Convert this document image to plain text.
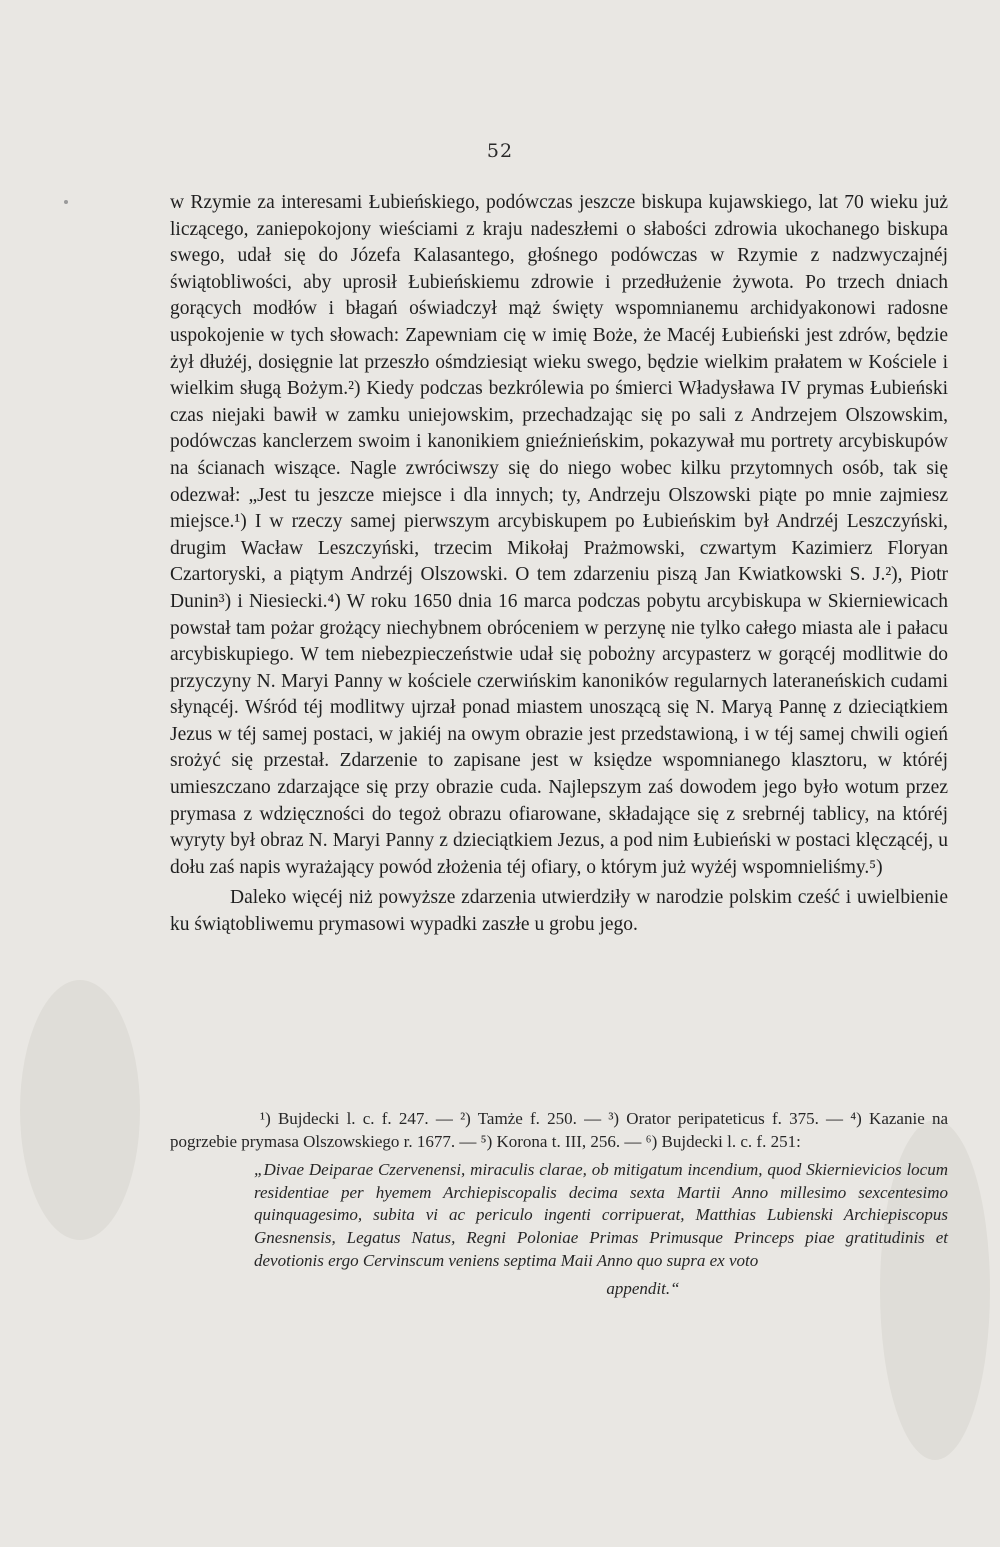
52

w Rzymie za interesami Łubieńskiego, podówczas jeszcze biskupa kujawskiego, lat 70 wieku już liczącego, zaniepokojony wieściami z kraju nadeszłemi o słabości zdrowia ukochanego biskupa swego, udał się do Józefa Kalasantego, głośnego podówczas w Rzymie z nadzwyczajnéj świątobliwości, aby uprosił Łubieńskiemu zdrowie i przedłużenie żywota. Po trzech dniach gorących modłów i błagań oświadczył mąż święty wspomnianemu archidyakonowi radosne uspokojenie w tych słowach: Zapewniam cię w imię Boże, że Macéj Łubieński jest zdrów, będzie żył dłużéj, dosięgnie lat przeszło ośmdziesiąt wieku swego, będzie wielkim prałatem w Kościele i wielkim sługą Bożym.²) Kiedy podczas bezkrólewia po śmierci Władysława IV prymas Łubieński czas niejaki bawił w zamku uniejowskim, przechadzając się po sali z Andrzejem Olszowskim, podówczas kanclerzem swoim i kanonikiem gnieźnieńskim, pokazywał mu portrety arcybiskupów na ścianach wiszące. Nagle zwróciwszy się do niego wobec kilku przytomnych osób, tak się odezwał: „Jest tu jeszcze miejsce i dla innych; ty, Andrzeju Olszowski piąte po mnie zajmiesz miejsce.¹) I w rzeczy samej pierwszym arcybiskupem po Łubieńskim był Andrzéj Leszczyński, drugim Wacław Leszczyński, trzecim Mikołaj Prażmowski, czwartym Kazimierz Floryan Czartoryski, a piątym Andrzéj Olszowski. O tem zdarzeniu piszą Jan Kwiatkowski S. J.²), Piotr Dunin³) i Niesiecki.⁴) W roku 1650 dnia 16 marca podczas pobytu arcybiskupa w Skierniewicach powstał tam pożar grożący niechybnem obróceniem w perzynę nie tylko całego miasta ale i pałacu arcybiskupiego. W tem niebezpieczeństwie udał się pobożny arcypasterz w gorącéj modlitwie do przyczyny N. Maryi Panny w kościele czerwińskim kanoników regularnych lateraneńskich cudami słynącéj. Wśród téj modlitwy ujrzał ponad miastem unoszącą się N. Maryą Pannę z dzieciątkiem Jezus w téj samej postaci, w jakiéj na owym obrazie jest przedstawioną, i w téj samej chwili ogień srożyć się przestał. Zdarzenie to zapisane jest w księdze wspomnianego klasztoru, w któréj umieszczano zdarzające się przy obrazie cuda. Najlepszym zaś dowodem jego było wotum przez prymasa z wdzięczności do tegoż obrazu ofiarowane, składające się z srebrnéj tablicy, na któréj wyryty był obraz N. Maryi Panny z dzieciątkiem Jezus, a pod nim Łubieński w postaci klęczącéj, u dołu zaś napis wyrażający powód złożenia téj ofiary, o którym już wyżéj wspomnieliśmy.⁵)

Daleko więcéj niż powyższe zdarzenia utwierdziły w narodzie polskim cześć i uwielbienie ku świątobliwemu prymasowi wypadki zaszłe u grobu jego.

¹) Bujdecki l. c. f. 247. — ²) Tamże f. 250. — ³) Orator peripateticus f. 375. — ⁴) Kazanie na pogrzebie prymasa Olszowskiego r. 1677. — ⁵) Korona t. III, 256. — ⁶) Bujdecki l. c. f. 251:

„Divae Deiparae Czervenensi, miraculis clarae, ob mitigatum incendium, quod Skiernievicios locum residentiae per hyemem Archiepiscopalis decima sexta Martii Anno millesimo sexcentesimo quinquagesimo, subita vi ac periculo ingenti corripuerat, Matthias Lubienski Archiepiscopus Gnesnensis, Legatus Natus, Regni Poloniae Primas Primusque Princeps piae gratitudinis et devotionis ergo Cervinscum veniens septima Maii Anno quo supra ex voto

appendit.“
